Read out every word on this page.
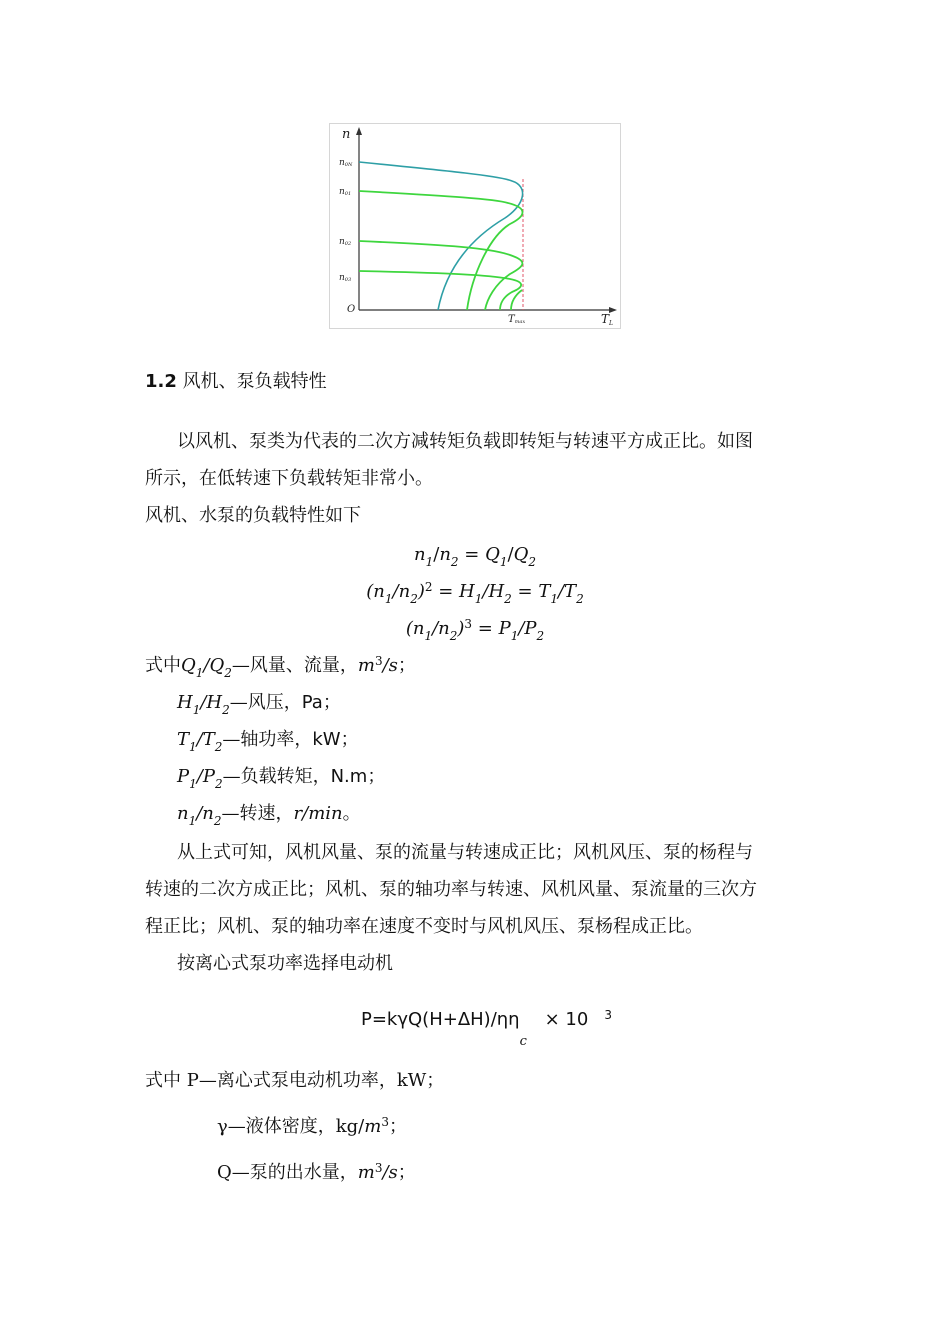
n
TL
O
n0N
n01
n02
n03
Tmax
1.2 风机、泵负载特性
以风机、泵类为代表的二次方减转矩负载即转矩与转速平方成正比。如图
所示，在低转速下负载转矩非常小。
风机、水泵的负载特性如下
$n_1/n_2 = Q_1/Q_2$
$(n_1/n_2)^2 = H_1/H_2 = T_1/T_2$
$(n_1/n_2)^3 = P_1/P_2$
式中$Q_1/Q_2—$风量、流量，$m^3/s$；
$H_1/H_2—$风压，Pa；
$T_1/T_2—$轴功率，kW；
$P_1/P_2—$负载转矩，N.m；
$n_1/n_2—$转速，r/min。
从上式可知，风机风量、泵的流量与转速成正比；风机风压、泵的杨程与
转速的二次方成正比；风机、泵的轴功率与转速、风机风量、泵流量的三次方
程正比；风机、泵的轴功率在速度不变时与风机风压、泵杨程成正比。
按离心式泵功率选择电动机
$P=k\gamma Q(H+\Delta H)/\eta\eta_c \times 10$ $^3$
式中 P—离心式泵电动机功率，kW；
γ—液体密度，$kg/m^3$；
Q—泵的出水量，$m^3/s$；
